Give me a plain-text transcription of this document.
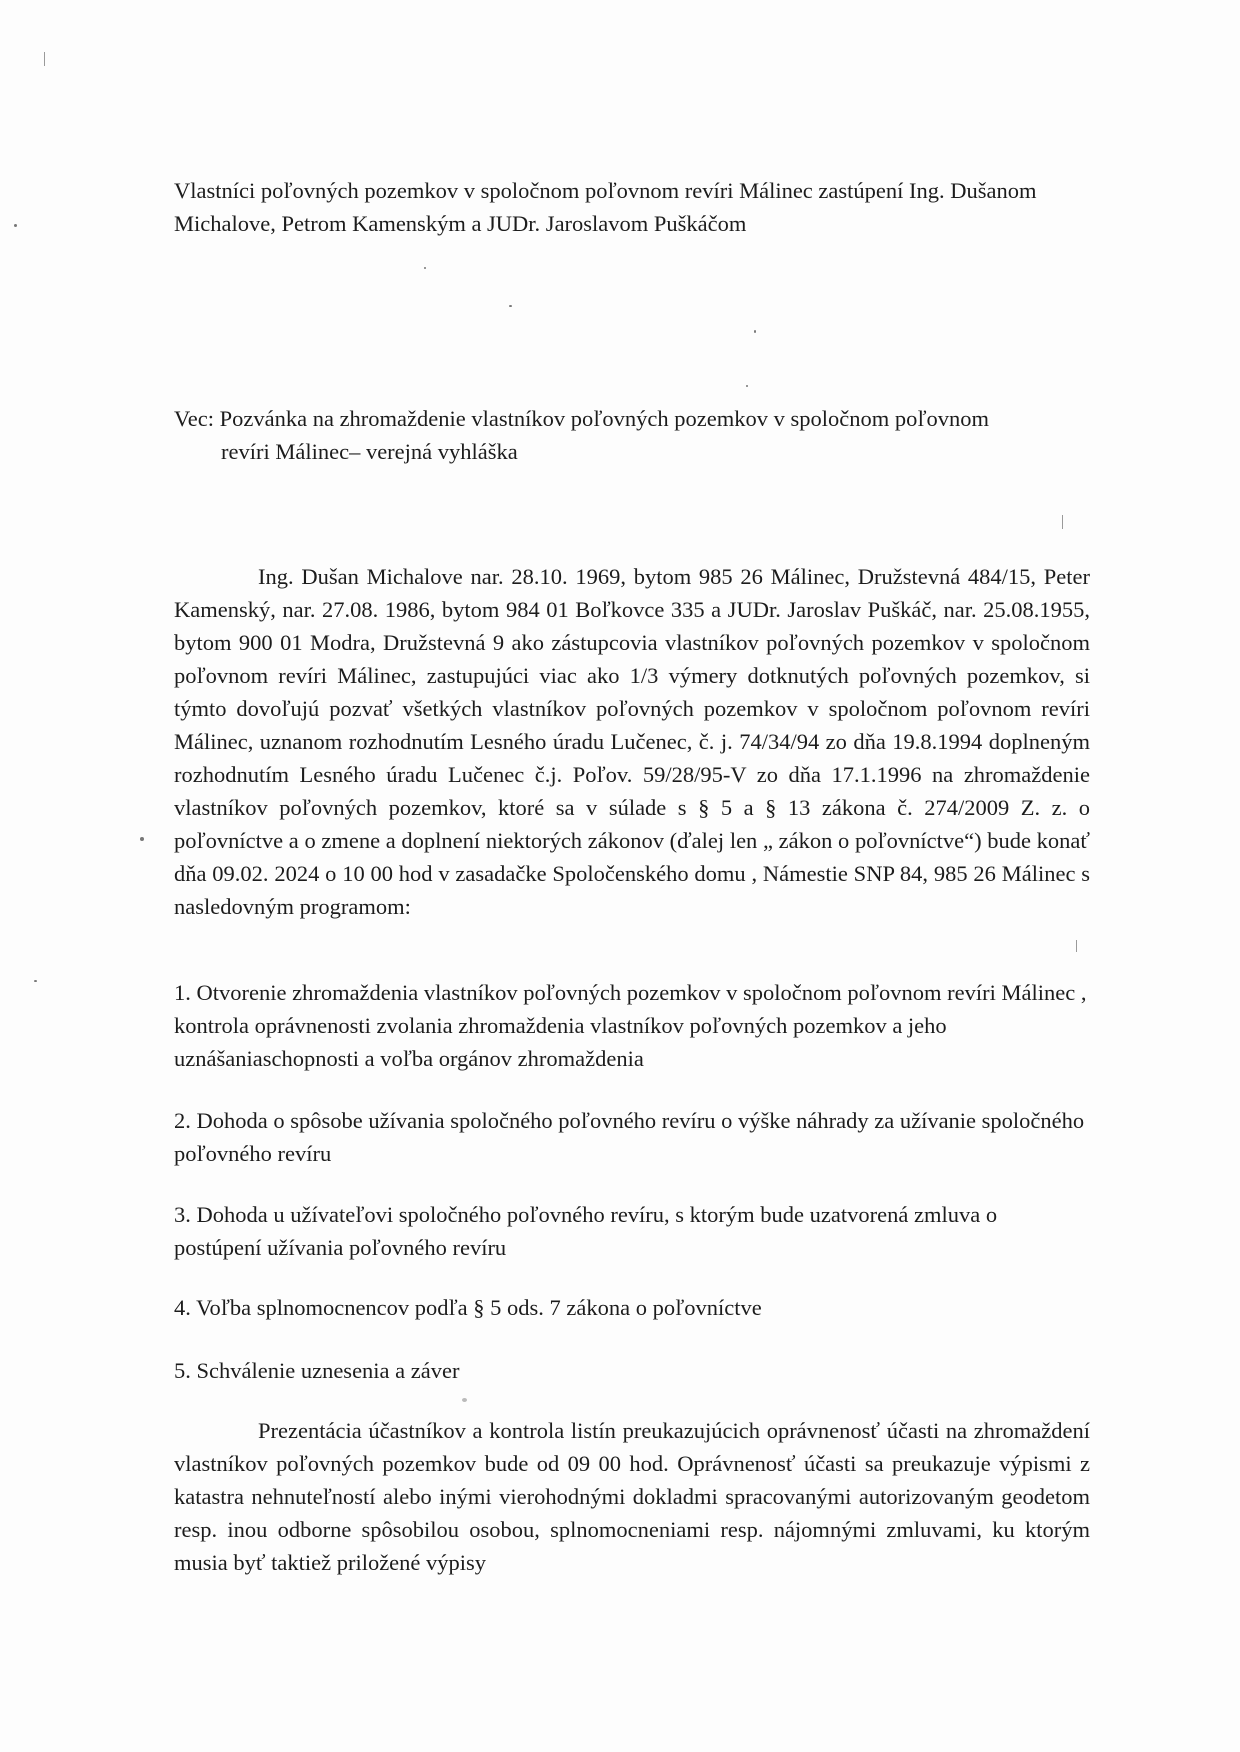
Vlastníci poľovných pozemkov v spoločnom poľovnom revíri Málinec zastúpení Ing. Dušanom Michalove, Petrom Kamenským a JUDr. Jaroslavom Puškáčom
Vec: Pozvánka na zhromaždenie vlastníkov poľovných pozemkov v spoločnom poľovnom
revíri Málinec– verejná vyhláška
Ing. Dušan Michalove nar. 28.10. 1969, bytom 985 26 Málinec, Družstevná 484/15, Peter Kamenský, nar. 27.08. 1986, bytom 984 01 Boľkovce 335 a JUDr. Jaroslav Puškáč, nar. 25.08.1955, bytom 900 01 Modra, Družstevná 9 ako zástupcovia vlastníkov poľovných pozemkov v spoločnom poľovnom revíri Málinec, zastupujúci viac ako 1/3 výmery dotknutých poľovných pozemkov, si týmto dovoľujú pozvať všetkých vlastníkov poľovných pozemkov v spoločnom poľovnom revíri Málinec, uznanom rozhodnutím Lesného úradu Lučenec, č. j. 74/34/94 zo dňa 19.8.1994 doplneným rozhodnutím Lesného úradu Lučenec č.j. Poľov. 59/28/95-V zo dňa 17.1.1996 na zhromaždenie vlastníkov poľovných pozemkov, ktoré sa v súlade s § 5 a § 13 zákona č. 274/2009 Z. z. o poľovníctve a o zmene a doplnení niektorých zákonov (ďalej len „ zákon o poľovníctve“) bude konať dňa 09.02. 2024 o 10 00 hod v zasadačke Spoločenského domu , Námestie SNP 84, 985 26 Málinec s nasledovným programom:
1. Otvorenie zhromaždenia vlastníkov poľovných pozemkov v spoločnom poľovnom revíri Málinec , kontrola oprávnenosti zvolania zhromaždenia vlastníkov poľovných pozemkov a jeho uznášaniaschopnosti a voľba orgánov zhromaždenia
2. Dohoda o spôsobe užívania spoločného poľovného revíru o výške náhrady za užívanie spoločného poľovného revíru
3. Dohoda u užívateľovi spoločného poľovného revíru, s ktorým bude uzatvorená zmluva o postúpení užívania poľovného revíru
4. Voľba splnomocnencov podľa § 5 ods. 7 zákona o poľovníctve
5. Schválenie uznesenia a záver
Prezentácia účastníkov a kontrola listín preukazujúcich oprávnenosť účasti na zhromaždení vlastníkov poľovných pozemkov bude od 09 00 hod. Oprávnenosť účasti sa preukazuje výpismi z katastra nehnuteľností alebo inými vierohodnými dokladmi spracovanými autorizovaným geodetom resp. inou odborne spôsobilou osobou, splnomocneniami resp. nájomnými zmluvami, ku ktorým musia byť taktiež priložené výpisy
